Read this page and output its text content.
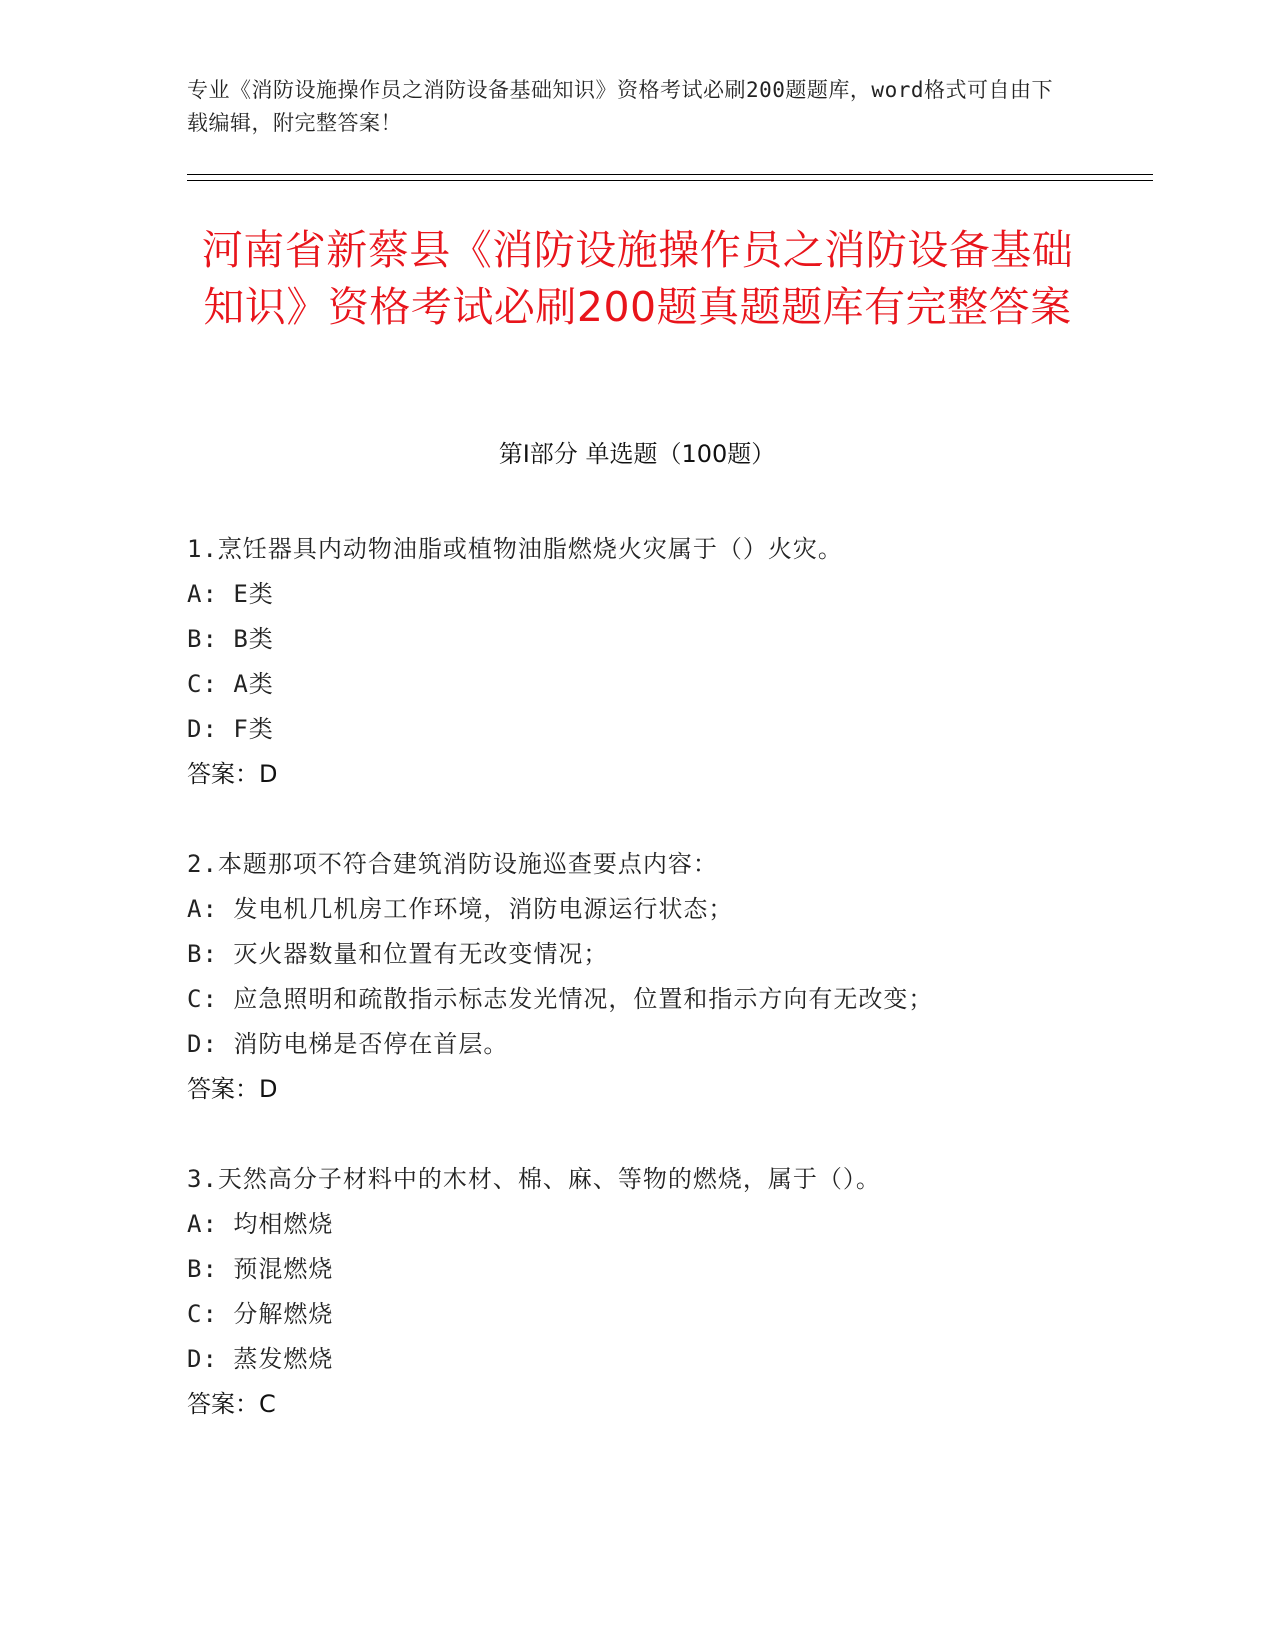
专业《消防设施操作员之消防设备基础知识》资格考试必刷200题题库，word格式可自由下载编辑，附完整答案！
河南省新蔡县《消防设施操作员之消防设备基础知识》资格考试必刷200题真题题库有完整答案
第I部分 单选题（100题）
1.烹饪器具内动物油脂或植物油脂燃烧火灾属于（）火灾。
A: E类
B: B类
C: A类
D: F类
答案：D
2.本题那项不符合建筑消防设施巡查要点内容：
A: 发电机几机房工作环境，消防电源运行状态；
B: 灭火器数量和位置有无改变情况；
C: 应急照明和疏散指示标志发光情况，位置和指示方向有无改变；
D: 消防电梯是否停在首层。
答案：D
3.天然高分子材料中的木材、棉、麻、等物的燃烧，属于（）。
A: 均相燃烧
B: 预混燃烧
C: 分解燃烧
D: 蒸发燃烧
答案：C
